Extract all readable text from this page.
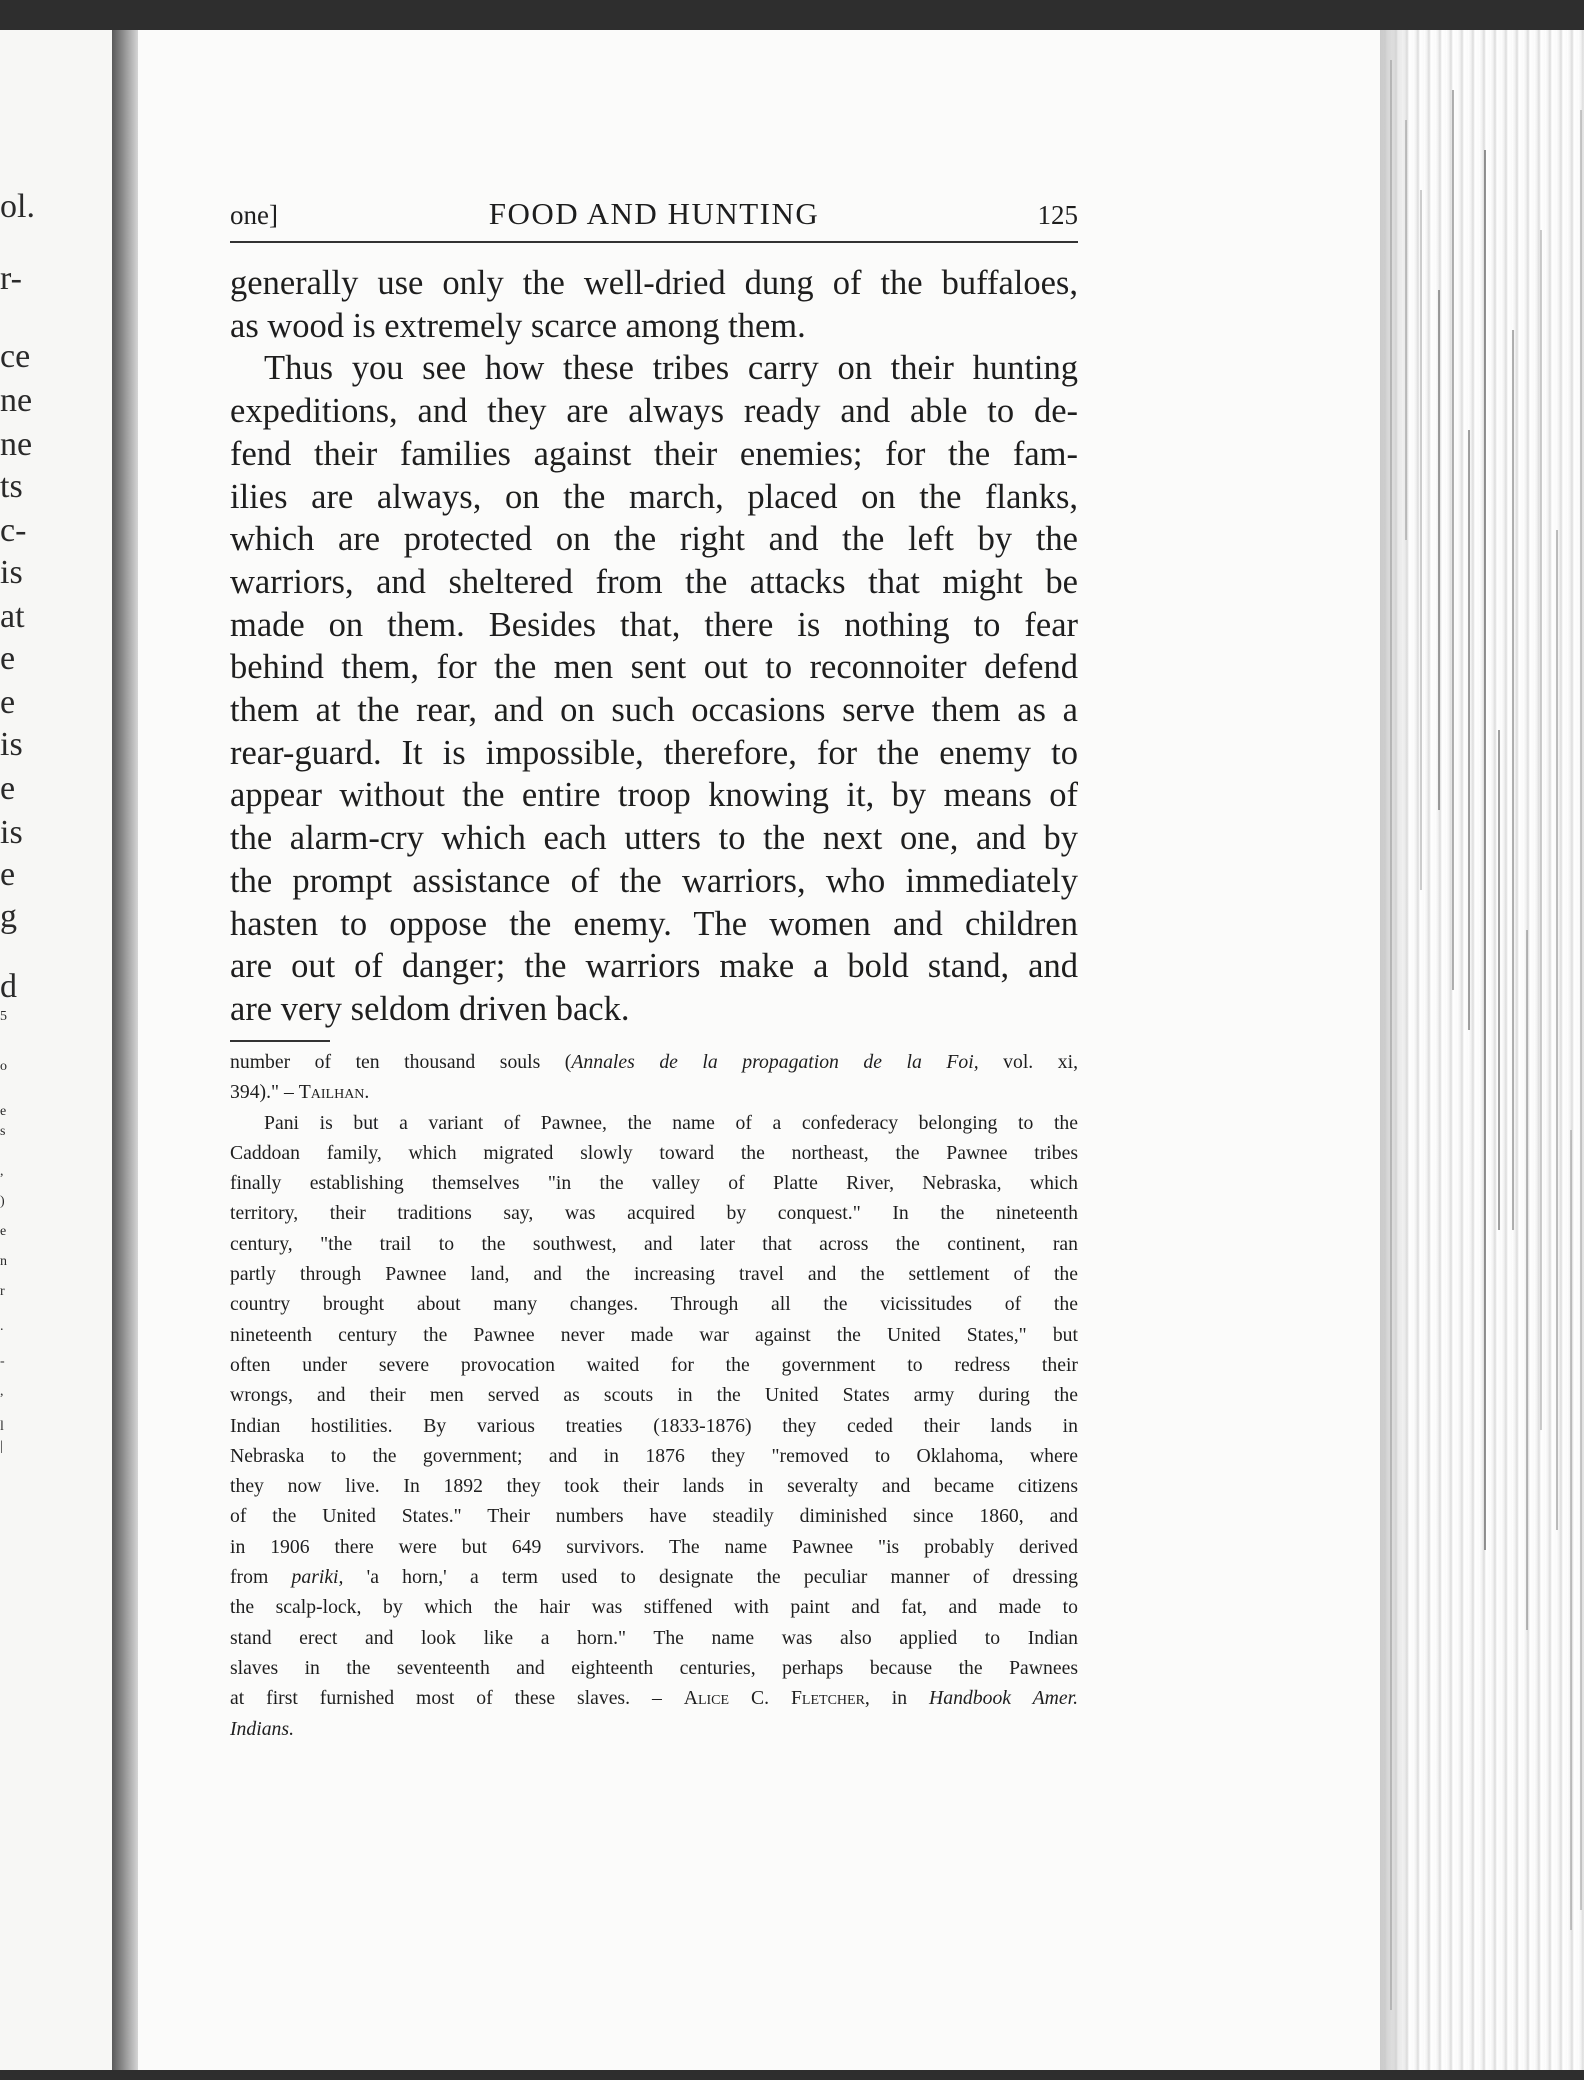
ol.
r-
ce
ne
ne
ts
c-
is
at
e
e
is
e
is
e
g
d
5
o
e
s
,
)
e
n
r
.
-
,
l
|
one]	FOOD AND HUNTING	125
generally use only the well-dried dung of the buffaloes,
as wood is extremely scarce among them.
Thus you see how these tribes carry on their hunting
expeditions, and they are always ready and able to de-
fend their families against their enemies; for the fam-
ilies are always, on the march, placed on the flanks,
which are protected on the right and the left by the
warriors, and sheltered from the attacks that might be
made on them. Besides that, there is nothing to fear
behind them, for the men sent out to reconnoiter defend
them at the rear, and on such occasions serve them as a
rear-guard. It is impossible, therefore, for the enemy to
appear without the entire troop knowing it, by means of
the alarm-cry which each utters to the next one, and by
the prompt assistance of the warriors, who immediately
hasten to oppose the enemy. The women and children
are out of danger; the warriors make a bold stand, and
are very seldom driven back.
number of ten thousand souls (Annales de la propagation de la Foi, vol. xi,
394)." – Tailhan.
Pani is but a variant of Pawnee, the name of a confederacy belonging to the
Caddoan family, which migrated slowly toward the northeast, the Pawnee tribes
finally establishing themselves "in the valley of Platte River, Nebraska, which
territory, their traditions say, was acquired by conquest." In the nineteenth
century, "the trail to the southwest, and later that across the continent, ran
partly through Pawnee land, and the increasing travel and the settlement of the
country brought about many changes. Through all the vicissitudes of the
nineteenth century the Pawnee never made war against the United States," but
often under severe provocation waited for the government to redress their
wrongs, and their men served as scouts in the United States army during the
Indian hostilities. By various treaties (1833-1876) they ceded their lands in
Nebraska to the government; and in 1876 they "removed to Oklahoma, where
they now live. In 1892 they took their lands in severalty and became citizens
of the United States." Their numbers have steadily diminished since 1860, and
in 1906 there were but 649 survivors. The name Pawnee "is probably derived
from pariki, 'a horn,' a term used to designate the peculiar manner of dressing
the scalp-lock, by which the hair was stiffened with paint and fat, and made to
stand erect and look like a horn." The name was also applied to Indian
slaves in the seventeenth and eighteenth centuries, perhaps because the Pawnees
at first furnished most of these slaves. – Alice C. Fletcher, in Handbook Amer.
Indians.
